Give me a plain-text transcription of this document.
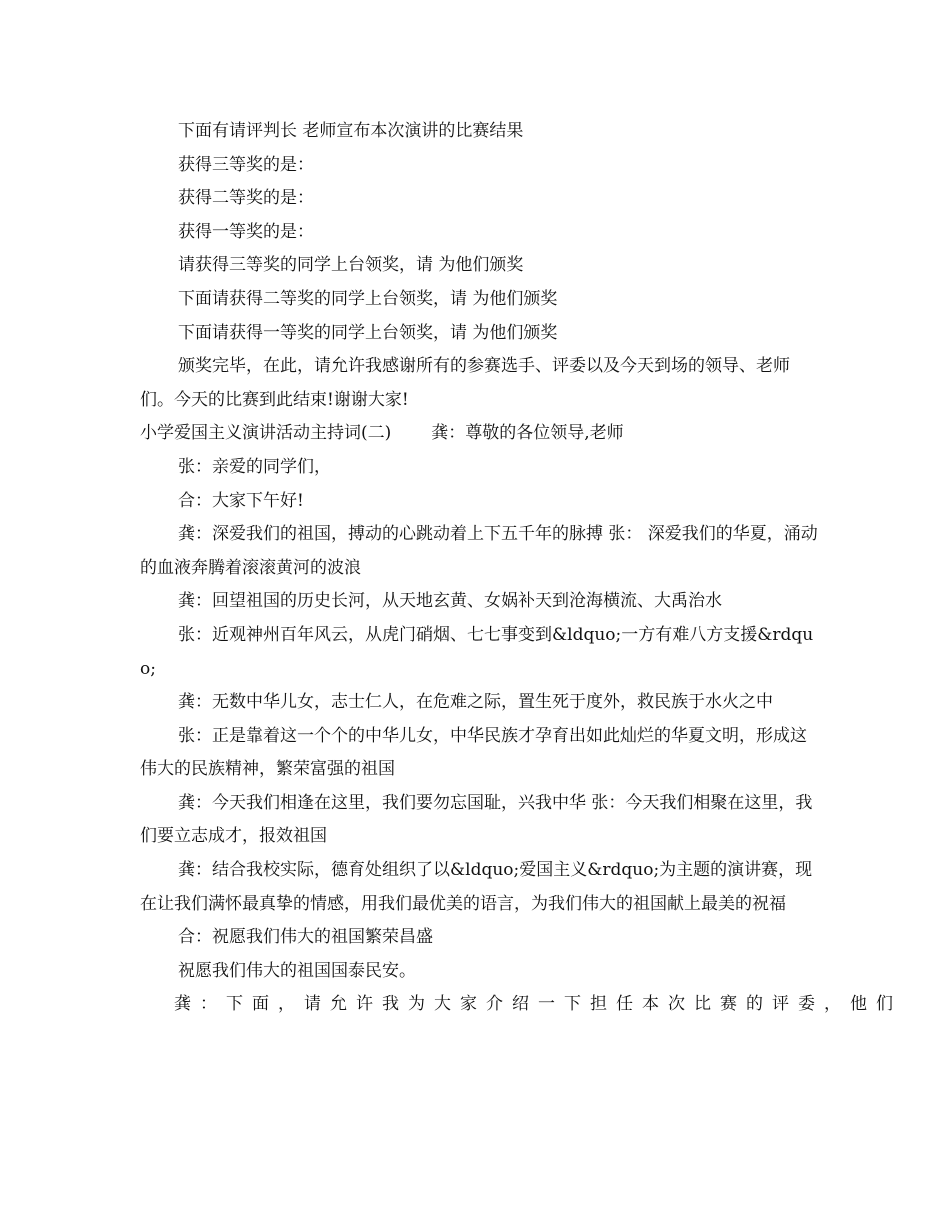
下面有请评判长 老师宣布本次演讲的比赛结果

获得三等奖的是：

获得二等奖的是：

获得一等奖的是：

请获得三等奖的同学上台领奖，请 为他们颁奖

下面请获得二等奖的同学上台领奖，请 为他们颁奖

下面请获得一等奖的同学上台领奖，请 为他们颁奖

颁奖完毕，在此，请允许我感谢所有的参赛选手、评委以及今天到场的领导、老师们。今天的比赛到此结束!谢谢大家!

小学爱国主义演讲活动主持词(二) 龚：尊敬的各位领导,老师

张：亲爱的同学们，

合：大家下午好!

龚：深爱我们的祖国，搏动的心跳动着上下五千年的脉搏 张： 深爱我们的华夏，涌动的血液奔腾着滚滚黄河的波浪

龚：回望祖国的历史长河，从天地玄黄、女娲补天到沧海横流、大禹治水

张：近观神州百年风云，从虎门硝烟、七七事变到&ldquo;一方有难八方支援&rdquo;

龚：无数中华儿女，志士仁人，在危难之际，置生死于度外，救民族于水火之中

张：正是靠着这一个个的中华儿女，中华民族才孕育出如此灿烂的华夏文明，形成这伟大的民族精神，繁荣富强的祖国

龚：今天我们相逢在这里，我们要勿忘国耻，兴我中华 张：今天我们相聚在这里，我们要立志成才，报效祖国

龚：结合我校实际，德育处组织了以&ldquo;爱国主义&rdquo;为主题的演讲赛，现在让我们满怀最真挚的情感，用我们最优美的语言，为我们伟大的祖国献上最美的祝福

合：祝愿我们伟大的祖国繁荣昌盛

祝愿我们伟大的祖国国泰民安。

龚：下面，请允许我为大家介绍一下担任本次比赛的评委，他们
